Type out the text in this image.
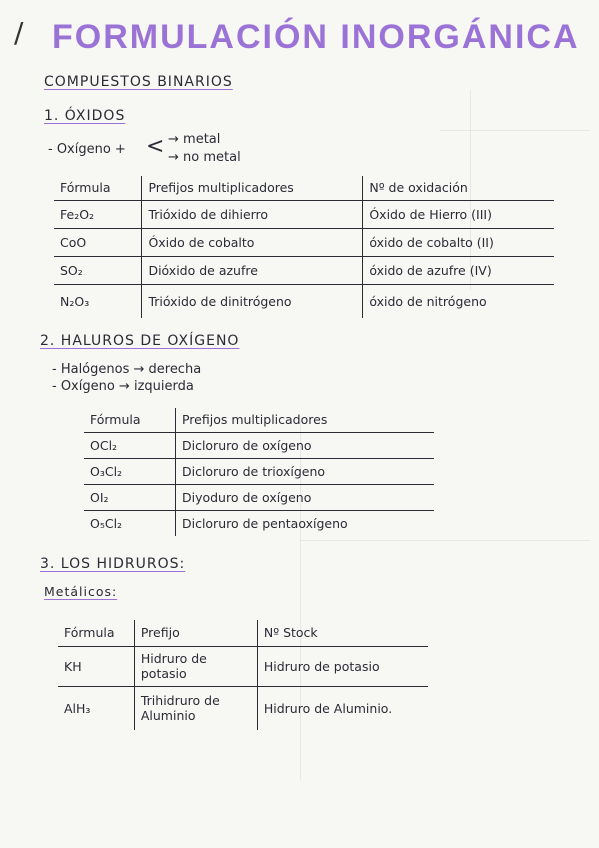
/ FORMULACIÓN INORGÁNICA
COMPUESTOS BINARIOS
1. ÓXIDOS
- Oxígeno + < → metal
→ no metal
Fórmula	Prefijos multiplicadores	Nº de oxidación
Fe₂O₂	Trióxido de dihierro	Óxido de Hierro (III)
CoO	Óxido de cobalto	óxido de cobalto (II)
SO₂	Dióxido de azufre	óxido de azufre (IV)
N₂O₃	Trióxido de dinitrógeno	óxido de nitrógeno
2. HALUROS DE OXÍGENO
- Halógenos → derecha
- Oxígeno → izquierda
Fórmula	Prefijos multiplicadores
OCl₂	Dicloruro de oxígeno
O₃Cl₂	Dicloruro de trioxígeno
OI₂	Diyoduro de oxígeno
O₅Cl₂	Dicloruro de pentaoxígeno
3. LOS HIDRUROS:
Metálicos:
Fórmula	Prefijo	Nº Stock
KH	Hidruro de potasio	Hidruro de potasio
AlH₃	Trihidruro de Aluminio	Hidruro de Aluminio.
